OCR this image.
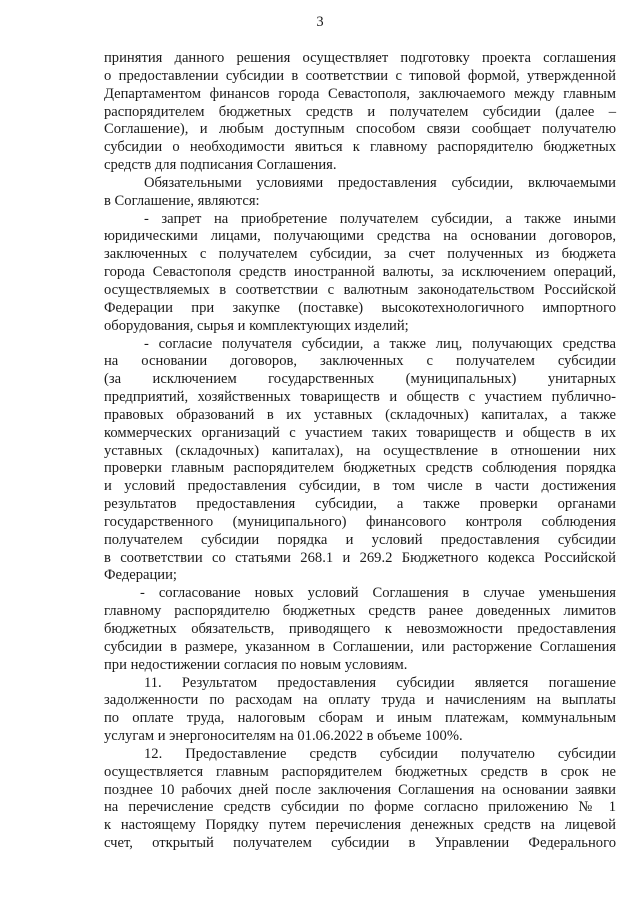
3
принятия данного решения осуществляет подготовку проекта соглашения
о предоставлении субсидии в соответствии с типовой формой, утвержденной
Департаментом финансов города Севастополя, заключаемого между главным
распорядителем бюджетных средств и получателем субсидии (далее –
Соглашение), и любым доступным способом связи сообщает получателю
субсидии о необходимости явиться к главному распорядителю бюджетных
средств для подписания Соглашения.
Обязательными условиями предоставления субсидии, включаемыми
в Соглашение, являются:
- запрет на приобретение получателем субсидии, а также иными
юридическими лицами, получающими средства на основании договоров,
заключенных с получателем субсидии, за счет полученных из бюджета
города Севастополя средств иностранной валюты, за исключением операций,
осуществляемых в соответствии с валютным законодательством Российской
Федерации при закупке (поставке) высокотехнологичного импортного
оборудования, сырья и комплектующих изделий;
- согласие получателя субсидии, а также лиц, получающих средства
на основании договоров, заключенных с получателем субсидии
(за исключением государственных (муниципальных) унитарных
предприятий, хозяйственных товариществ и обществ с участием публично-
правовых образований в их уставных (складочных) капиталах, а также
коммерческих организаций с участием таких товариществ и обществ в их
уставных (складочных) капиталах), на осуществление в отношении них
проверки главным распорядителем бюджетных средств соблюдения порядка
и условий предоставления субсидии, в том числе в части достижения
результатов предоставления субсидии, а также проверки органами
государственного (муниципального) финансового контроля соблюдения
получателем субсидии порядка и условий предоставления субсидии
в соответствии со статьями 268.1 и 269.2 Бюджетного кодекса Российской
Федерации;
- согласование новых условий Соглашения в случае уменьшения
главному распорядителю бюджетных средств ранее доведенных лимитов
бюджетных обязательств, приводящего к невозможности предоставления
субсидии в размере, указанном в Соглашении, или расторжение Соглашения
при недостижении согласия по новым условиям.
11. Результатом предоставления субсидии является погашение
задолженности по расходам на оплату труда и начислениям на выплаты
по оплате труда, налоговым сборам и иным платежам, коммунальным
услугам и энергоносителям на 01.06.2022 в объеме 100%.
12. Предоставление средств субсидии получателю субсидии
осуществляется главным распорядителем бюджетных средств в срок не
позднее 10 рабочих дней после заключения Соглашения на основании заявки
на перечисление средств субсидии по форме согласно приложению № 1
к настоящему Порядку путем перечисления денежных средств на лицевой
счет, открытый получателем субсидии в Управлении Федерального
